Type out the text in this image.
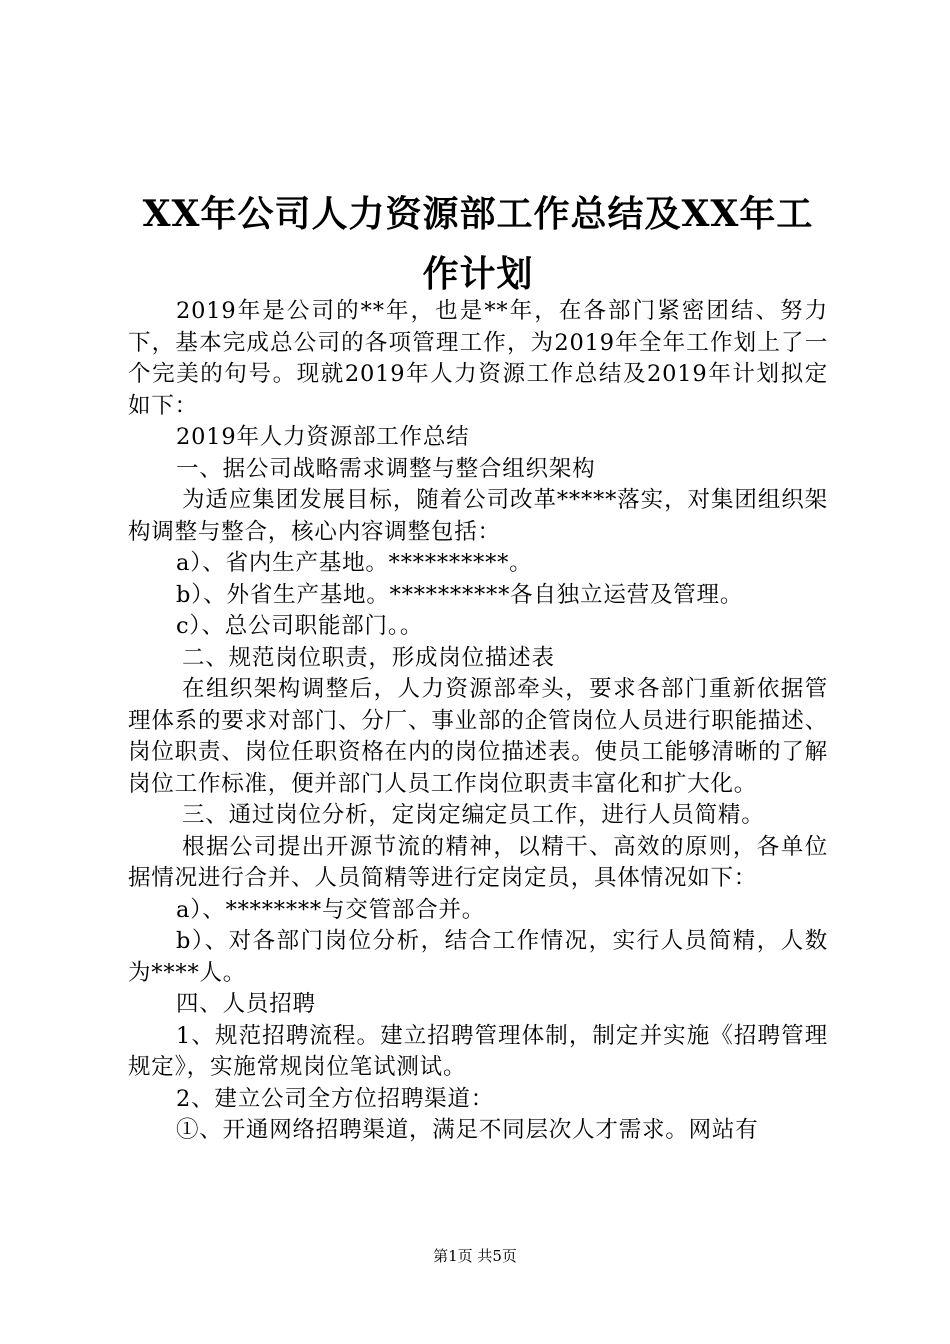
XX年公司人力资源部工作总结及XX年工作计划

2019年是公司的**年，也是**年，在各部门紧密团结、努力下，基本完成总公司的各项管理工作，为2019年全年工作划上了一个完美的句号。现就2019年人力资源工作总结及2019年计划拟定如下：

2019年人力资源部工作总结

一、据公司战略需求调整与整合组织架构

为适应集团发展目标，随着公司改革*****落实，对集团组织架构调整与整合，核心内容调整包括：

a）、省内生产基地。**********。

b）、外省生产基地。**********各自独立运营及管理。

c）、总公司职能部门。。

二、规范岗位职责，形成岗位描述表

在组织架构调整后，人力资源部牵头，要求各部门重新依据管理体系的要求对部门、分厂、事业部的企管岗位人员进行职能描述、岗位职责、岗位任职资格在内的岗位描述表。使员工能够清晰的了解岗位工作标准，便并部门人员工作岗位职责丰富化和扩大化。

三、通过岗位分析，定岗定编定员工作，进行人员简精。

根据公司提出开源节流的精神，以精干、高效的原则，各单位据情况进行合并、人员简精等进行定岗定员，具体情况如下：

a）、********与交管部合并。

b）、对各部门岗位分析，结合工作情况，实行人员简精，人数为****人。

四、人员招聘

1、规范招聘流程。建立招聘管理体制，制定并实施《招聘管理规定》，实施常规岗位笔试测试。

2、建立公司全方位招聘渠道：

①、开通网络招聘渠道，满足不同层次人才需求。网站有

第1页 共5页
